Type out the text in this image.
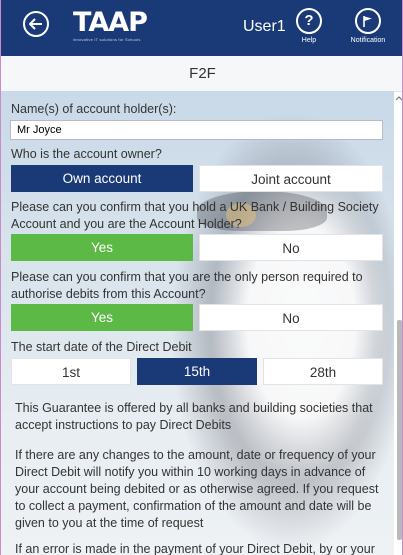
TAAP
innovative IT solutions for Schools
User1	?
Help	Notification
F2F
Name(s) of account holder(s):
Mr Joyce
Who is the account owner?
Own account	Joint account
Please can you confirm that you hold a UK Bank / Building Society Account and you are the Account Holder?
Yes	No
Please can you confirm that you are the only person required to authorise debits from this Account?
Yes	No
The start date of the Direct Debit
1st	15th	28th
This Guarantee is offered by all banks and building societies that accept instructions to pay Direct Debits
If there are any changes to the amount, date or frequency of your Direct Debit will notify you within 10 working days in advance of your account being debited or as otherwise agreed. If you request to collect a payment, confirmation of the amount and date will be given to you at the time of request
If an error is made in the payment of your Direct Debit, by or your
